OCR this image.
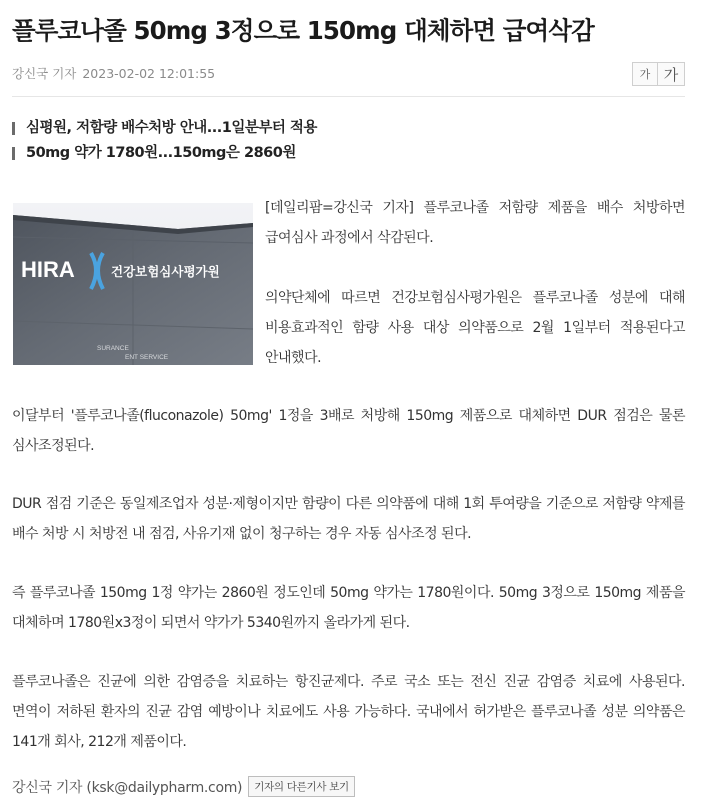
플루코나졸 50mg 3정으로 150mg 대체하면 급여삭감
강신국 기자 2023-02-02 12:01:55	가 가
심평원, 저함량 배수처방 안내...1일분부터 적용
50mg 약가 1780원...150mg은 2860원
HIRA	건강보험심사평가원
SURANCE
ENT SERVICE

[데일리팜=강신국 기자] 플루코나졸 저함량 제품을 배수 처방하면 급여심사 과정에서 삭감된다.

의약단체에 따르면 건강보험심사평가원은 플루코나졸 성분에 대해 비용효과적인 함량 사용 대상 의약품으로 2월 1일부터 적용된다고 안내했다.

이달부터 '플루코나졸(fluconazole) 50mg' 1정을 3배로 처방해 150mg 제품으로 대체하면 DUR 점검은 물론 심사조정된다.

DUR 점검 기준은 동일제조업자 성분·제형이지만 함량이 다른 의약품에 대해 1회 투여량을 기준으로 저함량 약제를 배수 처방 시 처방전 내 점검, 사유기재 없이 청구하는 경우 자동 심사조정 된다.

즉 플루코나졸 150mg 1정 약가는 2860원 정도인데 50mg 약가는 1780원이다. 50mg 3정으로 150mg 제품을 대체하며 1780원x3정이 되면서 약가가 5340원까지 올라가게 된다.

플루코나졸은 진균에 의한 감염증을 치료하는 항진균제다. 주로 국소 또는 전신 진균 감염증 치료에 사용된다. 면역이 저하된 환자의 진균 감염 예방이나 치료에도 사용 가능하다. 국내에서 허가받은 플루코나졸 성분 의약품은 141개 회사, 212개 제품이다.

강신국 기자 (ksk@dailypharm.com)	기자의 다른기사 보기
